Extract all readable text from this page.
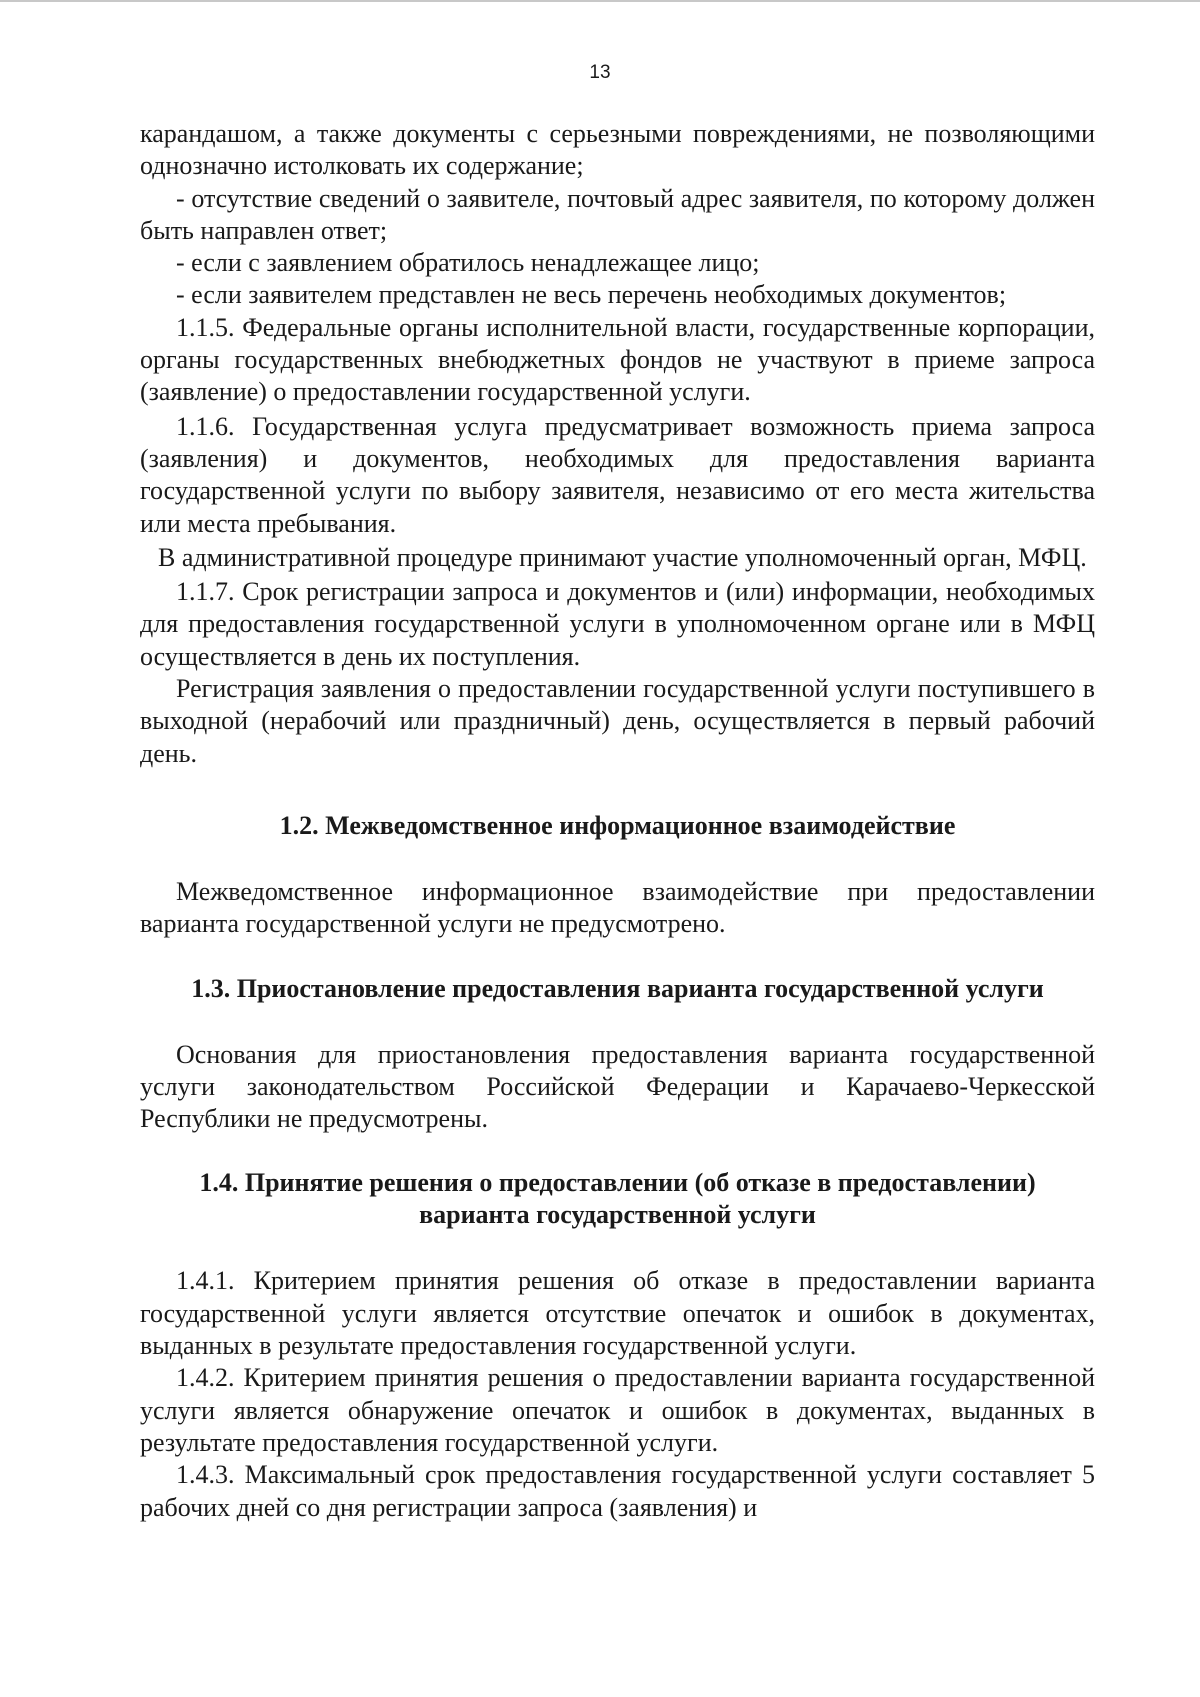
13

карандашом, а также документы с серьезными повреждениями, не позволяющими однозначно истолковать их содержание;

- отсутствие сведений о заявителе, почтовый адрес заявителя, по которому должен быть направлен ответ;

- если с заявлением обратилось ненадлежащее лицо;

- если заявителем представлен не весь перечень необходимых документов;

1.1.5. Федеральные органы исполнительной власти, государственные корпорации, органы государственных внебюджетных фондов не участвуют в приеме запроса (заявление) о предоставлении государственной услуги.

1.1.6. Государственная услуга предусматривает возможность приема запроса (заявления) и документов, необходимых для предоставления варианта государственной услуги по выбору заявителя, независимо от его места жительства или места пребывания.

В административной процедуре принимают участие уполномоченный орган, МФЦ.

1.1.7. Срок регистрации запроса и документов и (или) информации, необходимых для предоставления государственной услуги в уполномоченном органе или в МФЦ осуществляется в день их поступления.

Регистрация заявления о предоставлении государственной услуги поступившего в выходной (нерабочий или праздничный) день, осуществляется в первый рабочий день.

1.2. Межведомственное информационное взаимодействие

Межведомственное информационное взаимодействие при предоставлении варианта государственной услуги не предусмотрено.

1.3. Приостановление предоставления варианта государственной услуги

Основания для приостановления предоставления варианта государственной услуги законодательством Российской Федерации и Карачаево-Черкесской Республики не предусмотрены.

1.4. Принятие решения о предоставлении (об отказе в предоставлении)

варианта государственной услуги

1.4.1. Критерием принятия решения об отказе в предоставлении варианта государственной услуги является отсутствие опечаток и ошибок в документах, выданных в результате предоставления государственной услуги.

1.4.2. Критерием принятия решения о предоставлении варианта государственной услуги является обнаружение опечаток и ошибок в документах, выданных в результате предоставления государственной услуги.

1.4.3. Максимальный срок предоставления государственной услуги составляет 5 рабочих дней со дня регистрации запроса (заявления) и
